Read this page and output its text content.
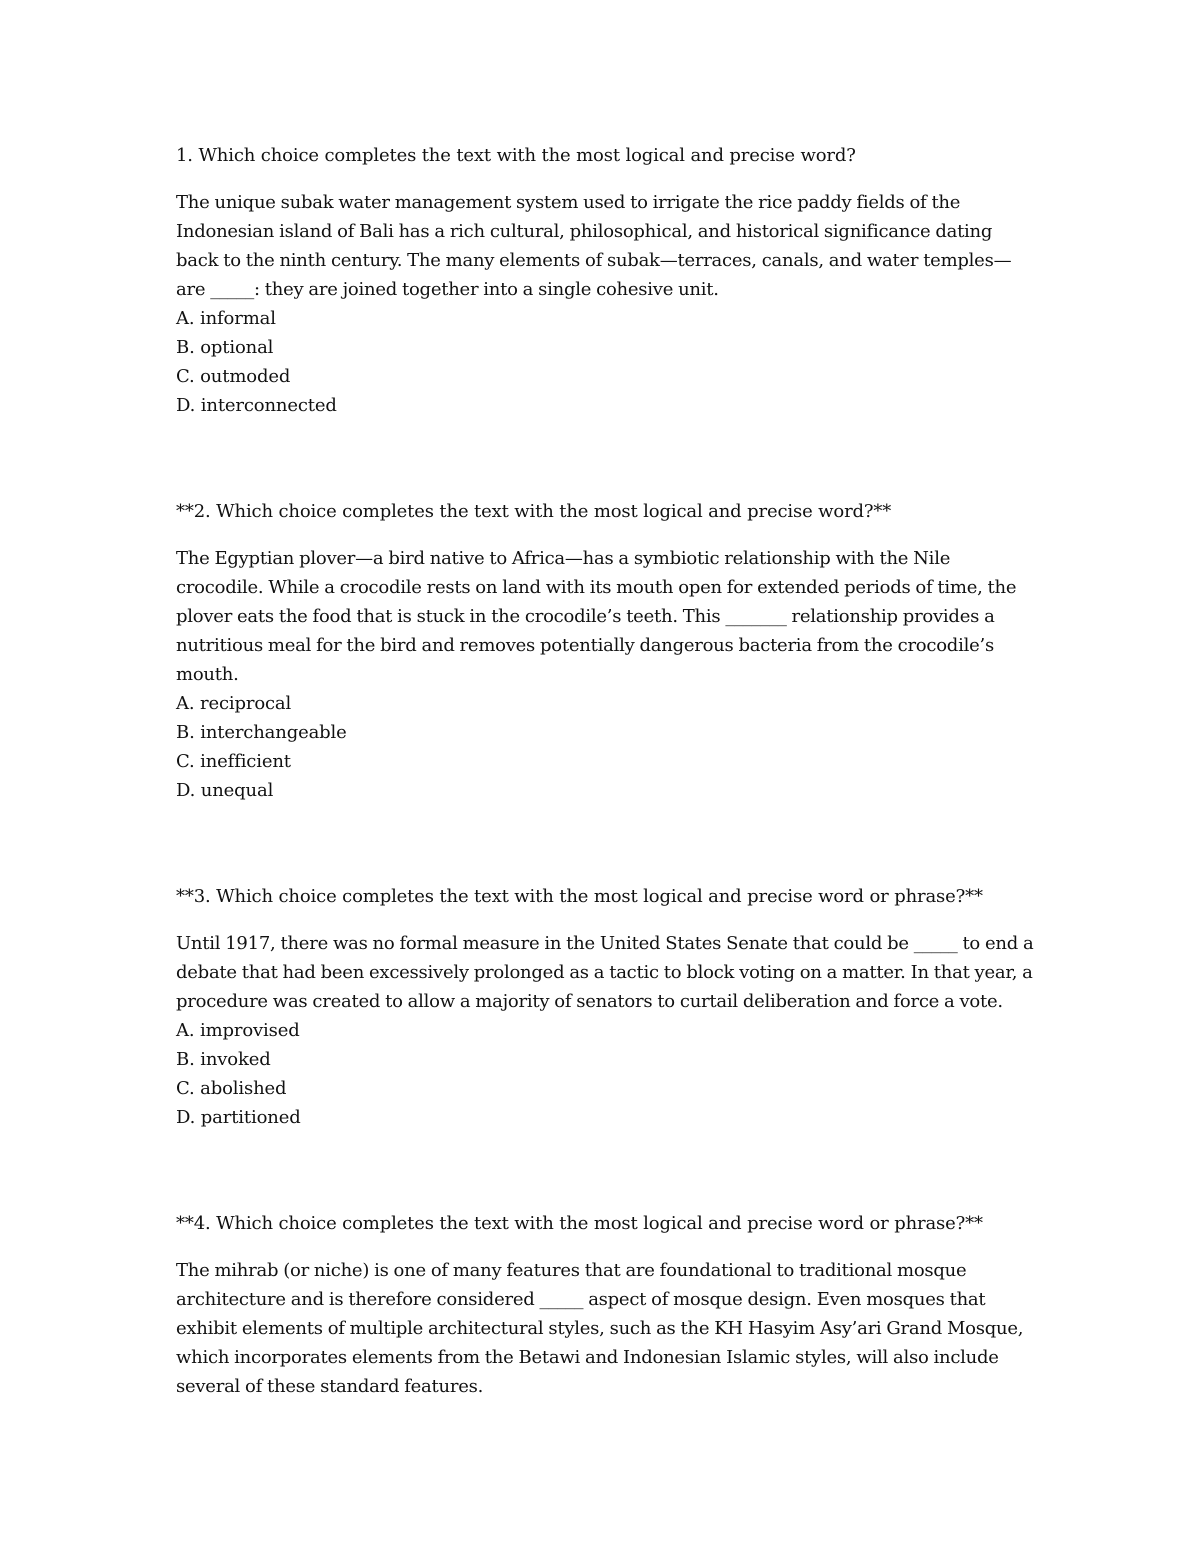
1. Which choice completes the text with the most logical and precise word?

The unique subak water management system used to irrigate the rice paddy fields of the Indonesian island of Bali has a rich cultural, philosophical, and historical significance dating back to the ninth century. The many elements of subak—terraces, canals, and water temples—are _____: they are joined together into a single cohesive unit.

A. informal
B. optional
C. outmoded
D. interconnected

**2. Which choice completes the text with the most logical and precise word?**

The Egyptian plover—a bird native to Africa—has a symbiotic relationship with the Nile crocodile. While a crocodile rests on land with its mouth open for extended periods of time, the plover eats the food that is stuck in the crocodile’s teeth. This _______ relationship provides a nutritious meal for the bird and removes potentially dangerous bacteria from the crocodile’s mouth.

A. reciprocal
B. interchangeable
C. inefficient
D. unequal

**3. Which choice completes the text with the most logical and precise word or phrase?**

Until 1917, there was no formal measure in the United States Senate that could be _____ to end a debate that had been excessively prolonged as a tactic to block voting on a matter. In that year, a procedure was created to allow a majority of senators to curtail deliberation and force a vote.

A. improvised
B. invoked
C. abolished
D. partitioned

**4. Which choice completes the text with the most logical and precise word or phrase?**

The mihrab (or niche) is one of many features that are foundational to traditional mosque architecture and is therefore considered _____ aspect of mosque design. Even mosques that exhibit elements of multiple architectural styles, such as the KH Hasyim Asy’ari Grand Mosque, which incorporates elements from the Betawi and Indonesian Islamic styles, will also include several of these standard features.
